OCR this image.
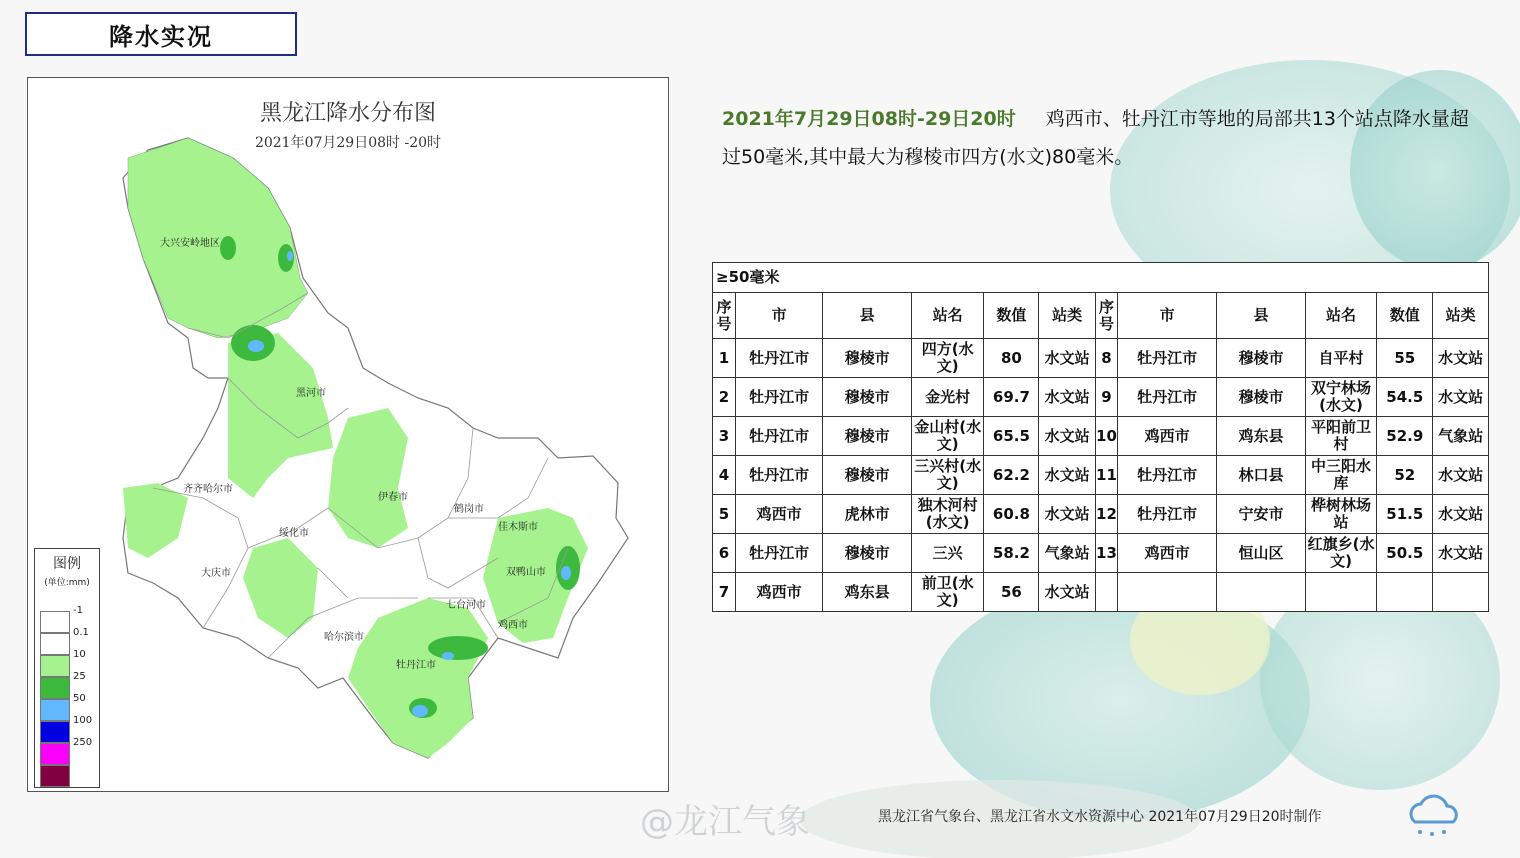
降水实况
大兴安岭地区
黑河市
齐齐哈尔市
伊春市
鹤岗市
佳木斯市
绥化市
大庆市	双鸭山市
七台河市
哈尔滨市
鸡西市
牡丹江市
黑龙江降水分布图
2021年07月29日08时 -20时
图例
(单位:mm)
-1
0.1
10
25
50
100
250
2021年7月29日08时-29日20时 鸡西市、牡丹江市等地的局部共13个站点降水量超过50毫米,其中最大为穆棱市四方(水文)80毫米。
≥50毫米											
序号	市	县	站名	数值	站类	序号	市	县	站名	数值	站类
1	牡丹江市	穆棱市	四方(水文)	80	水文站	8	牡丹江市	穆棱市	自平村	55	水文站
2	牡丹江市	穆棱市	金光村	69.7	水文站	9	牡丹江市	穆棱市	双宁林场(水文)	54.5	水文站
3	牡丹江市	穆棱市	金山村(水文)	65.5	水文站	10	鸡西市	鸡东县	平阳前卫村	52.9	气象站
4	牡丹江市	穆棱市	三兴村(水文)	62.2	水文站	11	牡丹江市	林口县	中三阳水库	52	水文站
5	鸡西市	虎林市	独木河村(水文)	60.8	水文站	12	牡丹江市	宁安市	桦树林场站	51.5	水文站
6	牡丹江市	穆棱市	三兴	58.2	气象站	13	鸡西市	恒山区	红旗乡(水文)	50.5	水文站
7	鸡西市	鸡东县	前卫(水文)	56	水文站						
@龙江气象	黑龙江省气象台、黑龙江省水文水资源中心 2021年07月29日20时制作
